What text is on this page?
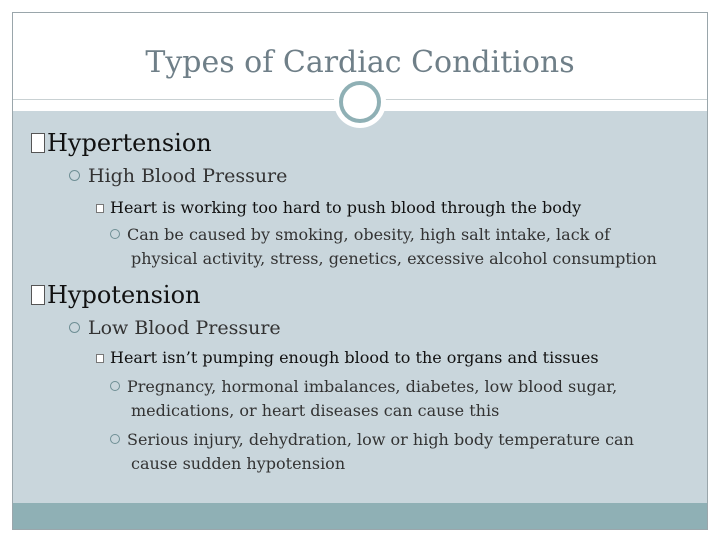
Types of Cardiac Conditions
Hypertension
High Blood Pressure
Heart is working too hard to push blood through the body
Can be caused by smoking, obesity, high salt intake, lack of
physical activity, stress, genetics, excessive alcohol consumption
Hypotension
Low Blood Pressure
Heart isn’t pumping enough blood to the organs and tissues
Pregnancy, hormonal imbalances, diabetes, low blood sugar,
medications, or heart diseases can cause this
Serious injury, dehydration, low or high body temperature can
cause sudden hypotension
